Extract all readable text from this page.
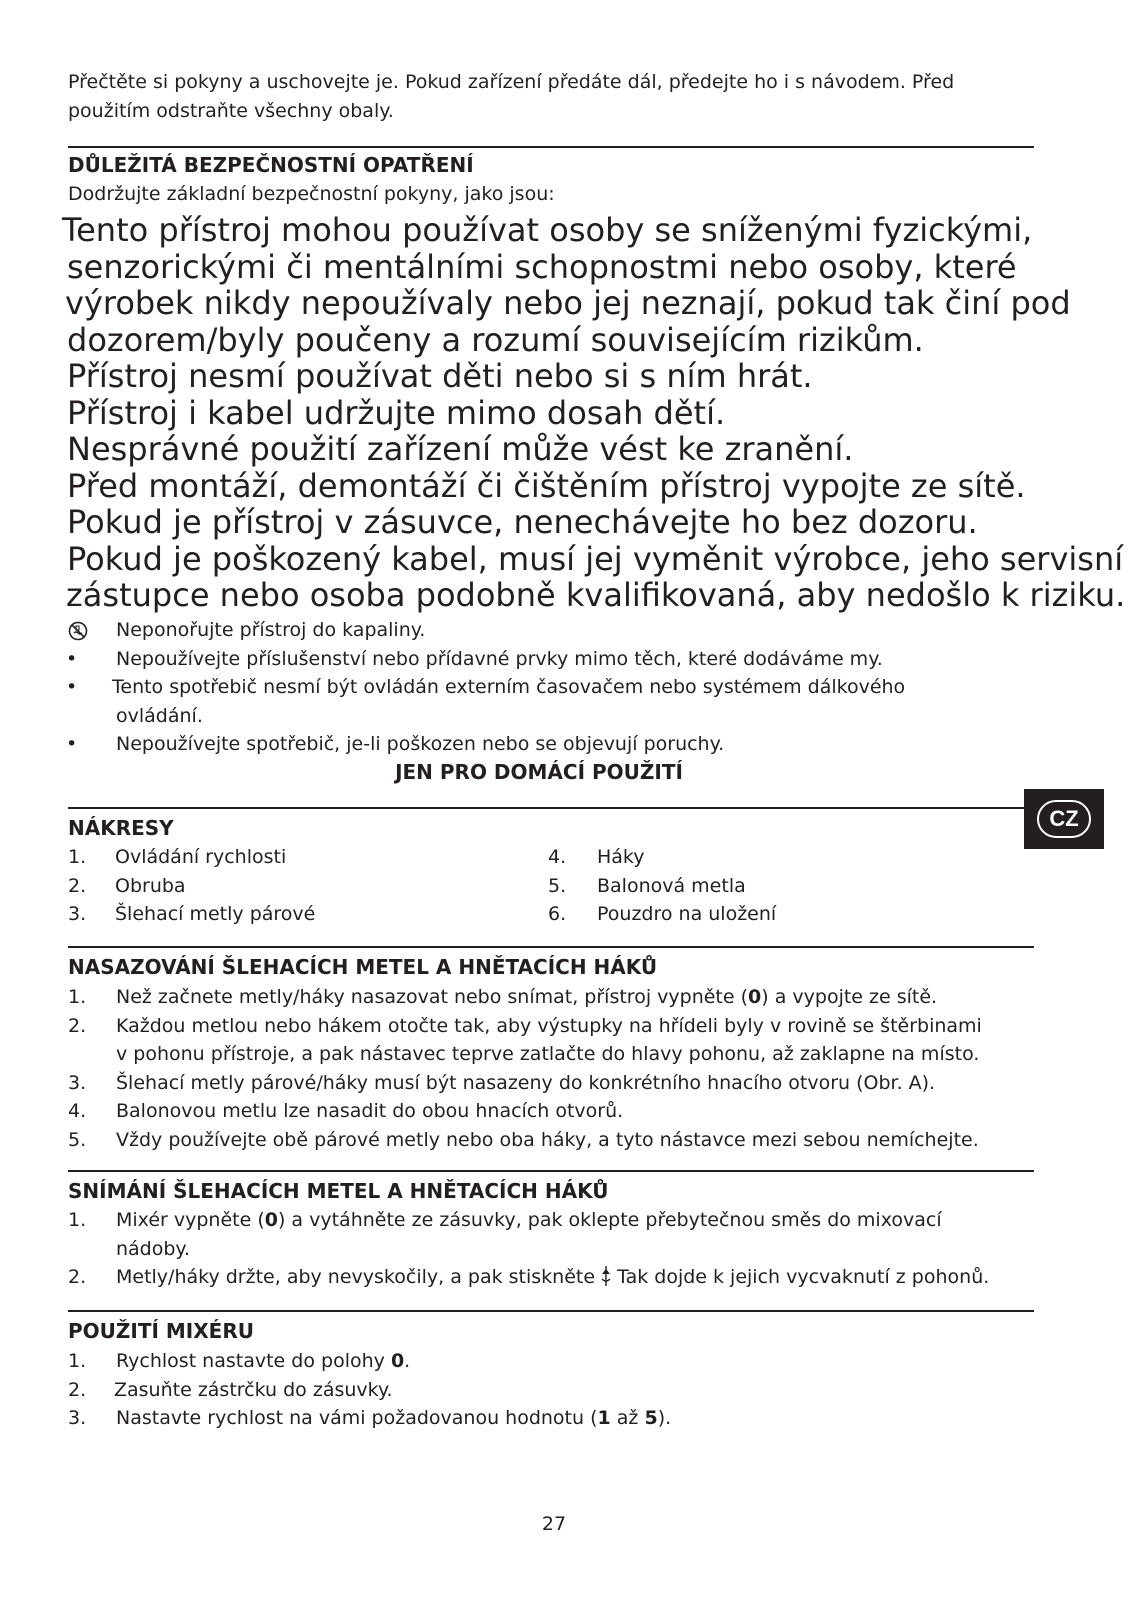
Přečtěte si pokyny a uschovejte je. Pokud zařízení předáte dál, předejte ho i s návodem. Před
použitím odstraňte všechny obaly.
DŮLEŽITÁ BEZPEČNOSTNÍ OPATŘENÍ
Dodržujte základní bezpečnostní pokyny, jako jsou:
Tento přístroj mohou používat osoby se sníženými fyzickými,
senzorickými či mentálními schopnostmi nebo osoby, které
výrobek nikdy nepoužívaly nebo jej neznají, pokud tak činí pod
dozorem/byly poučeny a rozumí souvisejícím rizikům.
Přístroj nesmí používat děti nebo si s ním hrát.
Přístroj i kabel udržujte mimo dosah dětí.
Nesprávné použití zařízení může vést ke zranění.
Před montáží, demontáží či čištěním přístroj vypojte ze sítě.
Pokud je přístroj v zásuvce, nenechávejte ho bez dozoru.
Pokud je poškozený kabel, musí jej vyměnit výrobce, jeho servisní
zástupce nebo osoba podobně kvalifikovaná, aby nedošlo k riziku.
Neponořujte přístroj do kapaliny.
•	Nepoužívejte příslušenství nebo přídavné prvky mimo těch, které dodáváme my.
•	Tento spotřebič nesmí být ovládán externím časovačem nebo systémem dálkového
ovládání.
•	Nepoužívejte spotřebič, je-li poškozen nebo se objevují poruchy.
JEN PRO DOMÁCÍ POUŽITÍ
CZ
NÁKRESY
1.	Ovládání rychlosti
2.	Obruba
3.	Šlehací metly párové
4.	Háky
5.	Balonová metla
6.	Pouzdro na uložení
NASAZOVÁNÍ ŠLEHACÍCH METEL A HNĚTACÍCH HÁKŮ
1.	Než začnete metly/háky nasazovat nebo snímat, přístroj vypněte (0) a vypojte ze sítě.
2. Každou metlou nebo hákem otočte tak, aby výstupky na hřídeli byly v rovině se štěrbinami
v pohonu přístroje, a pak nástavec teprve zatlačte do hlavy pohonu, až zaklapne na místo.
3.	Šlehací metly párové/háky musí být nasazeny do konkrétního hnacího otvoru (Obr. A).
4.	Balonovou metlu lze nasadit do obou hnacích otvorů.
5.	Vždy používejte obě párové metly nebo oba háky, a tyto nástavce mezi sebou nemíchejte.
SNÍMÁNÍ ŠLEHACÍCH METEL A HNĚTACÍCH HÁKŮ
1.	Mixér vypněte (0) a vytáhněte ze zásuvky, pak oklepte přebytečnou směs do mixovací
nádoby.
2.	Metly/háky držte, aby nevyskočily, a pak stiskněte  Tak dojde k jejich vycvaknutí z pohonů.
POUŽITÍ MIXÉRU
1.	Rychlost nastavte do polohy 0.
2.	Zasuňte zástrčku do zásuvky.
3.	Nastavte rychlost na vámi požadovanou hodnotu (1 až 5).
27
